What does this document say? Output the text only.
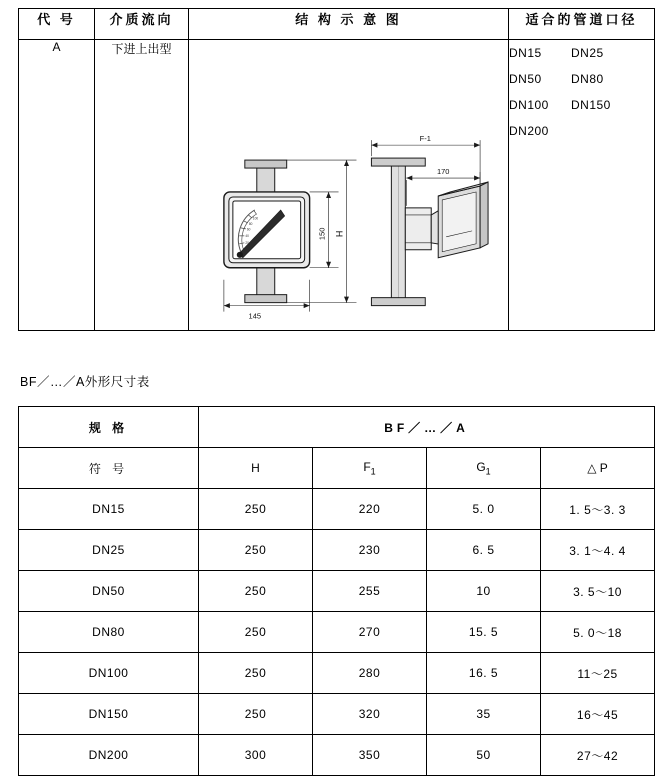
代 号	介质流向	结 构 示 意 图	适合的管道口径
A	下进上出型	
20
40
60
80
100
145
150 H
F-1
170

DN15 DN25
DN50 DN80
DN100 DN150
DN200
BF／…／A外形尺寸表
规 格	BF／…／A			
符 号	H	$F_1$	$G_1$	△ P
DN15	250	220	5. 0	1. 5～3. 3
DN25	250	230	6. 5	3. 1～4. 4
DN50	250	255	10	3. 5～10
DN80	250	270	15. 5	5. 0～18
DN100	250	280	16. 5	11～25
DN150	250	320	35	16～45
DN200	300	350	50	27～42
